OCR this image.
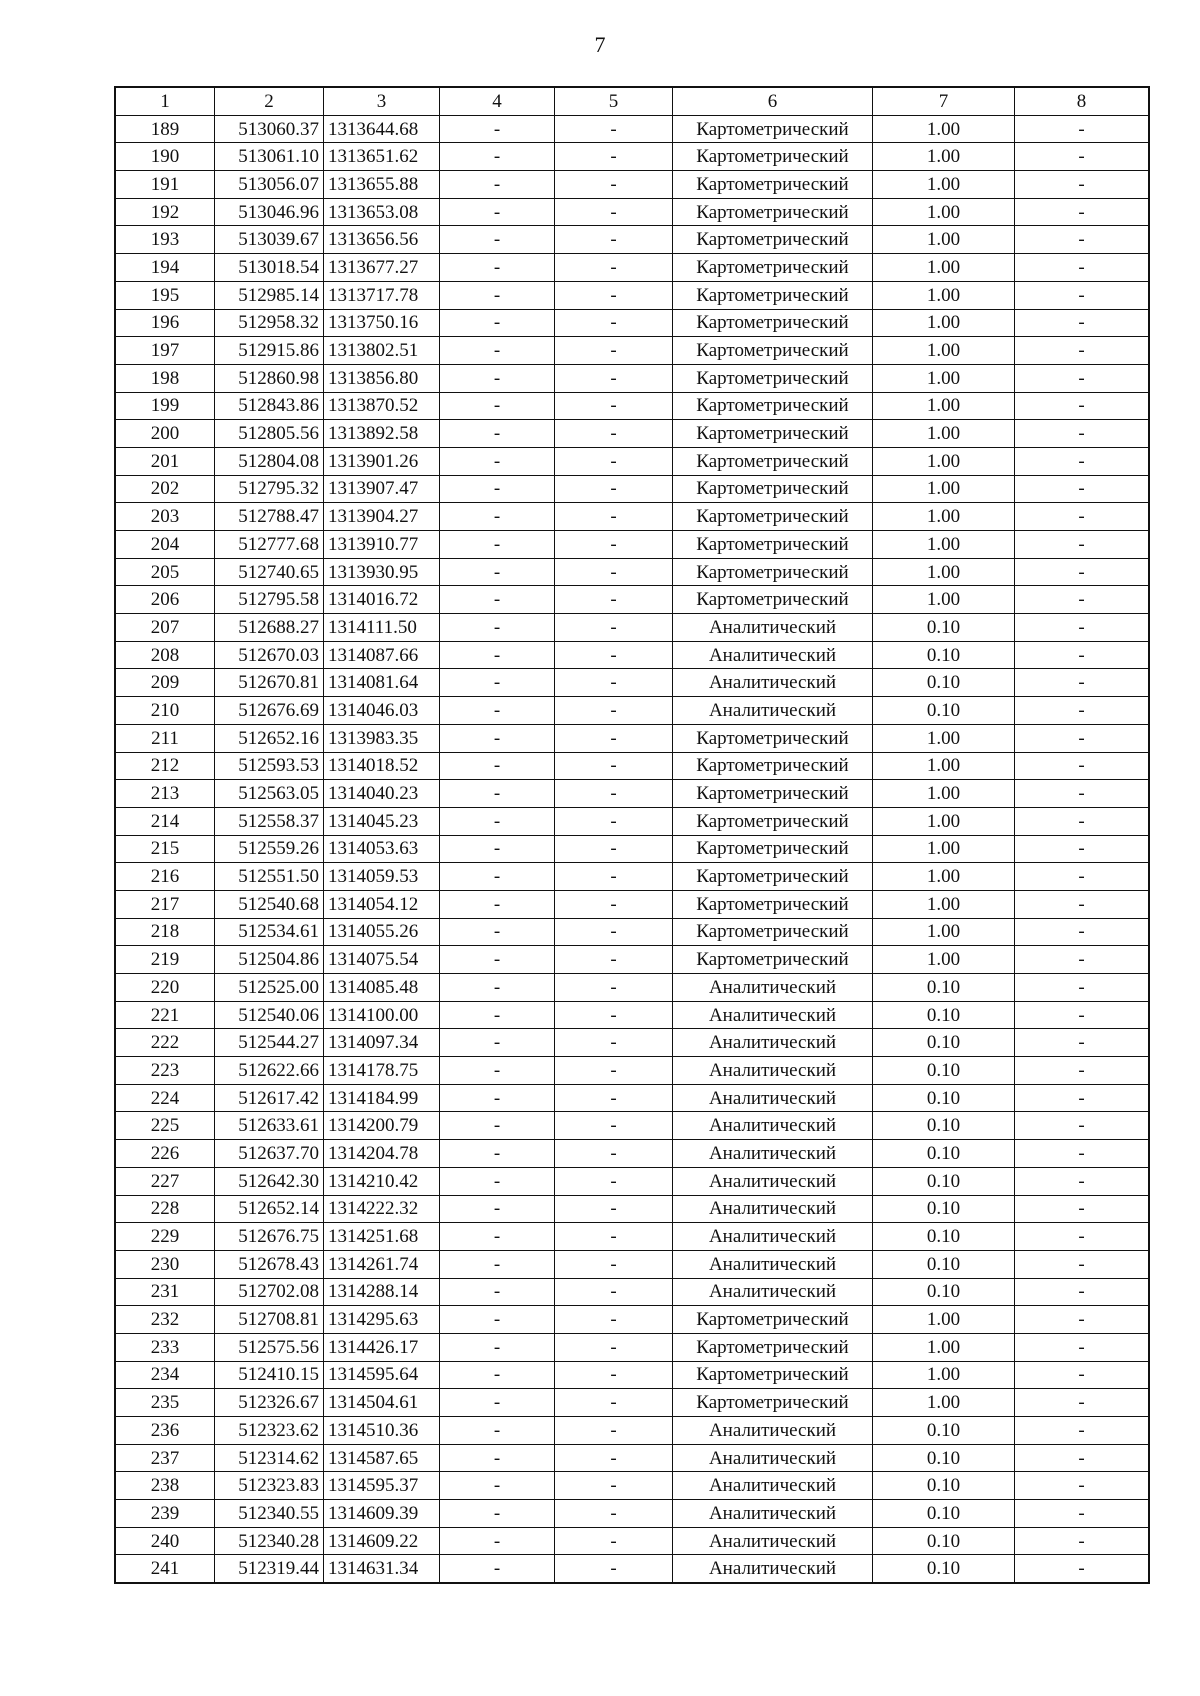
7
1	2	3	4	5	6	7	8
189	513060.37	1313644.68	-	-	Картометрический	1.00	-
190	513061.10	1313651.62	-	-	Картометрический	1.00	-
191	513056.07	1313655.88	-	-	Картометрический	1.00	-
192	513046.96	1313653.08	-	-	Картометрический	1.00	-
193	513039.67	1313656.56	-	-	Картометрический	1.00	-
194	513018.54	1313677.27	-	-	Картометрический	1.00	-
195	512985.14	1313717.78	-	-	Картометрический	1.00	-
196	512958.32	1313750.16	-	-	Картометрический	1.00	-
197	512915.86	1313802.51	-	-	Картометрический	1.00	-
198	512860.98	1313856.80	-	-	Картометрический	1.00	-
199	512843.86	1313870.52	-	-	Картометрический	1.00	-
200	512805.56	1313892.58	-	-	Картометрический	1.00	-
201	512804.08	1313901.26	-	-	Картометрический	1.00	-
202	512795.32	1313907.47	-	-	Картометрический	1.00	-
203	512788.47	1313904.27	-	-	Картометрический	1.00	-
204	512777.68	1313910.77	-	-	Картометрический	1.00	-
205	512740.65	1313930.95	-	-	Картометрический	1.00	-
206	512795.58	1314016.72	-	-	Картометрический	1.00	-
207	512688.27	1314111.50	-	-	Аналитический	0.10	-
208	512670.03	1314087.66	-	-	Аналитический	0.10	-
209	512670.81	1314081.64	-	-	Аналитический	0.10	-
210	512676.69	1314046.03	-	-	Аналитический	0.10	-
211	512652.16	1313983.35	-	-	Картометрический	1.00	-
212	512593.53	1314018.52	-	-	Картометрический	1.00	-
213	512563.05	1314040.23	-	-	Картометрический	1.00	-
214	512558.37	1314045.23	-	-	Картометрический	1.00	-
215	512559.26	1314053.63	-	-	Картометрический	1.00	-
216	512551.50	1314059.53	-	-	Картометрический	1.00	-
217	512540.68	1314054.12	-	-	Картометрический	1.00	-
218	512534.61	1314055.26	-	-	Картометрический	1.00	-
219	512504.86	1314075.54	-	-	Картометрический	1.00	-
220	512525.00	1314085.48	-	-	Аналитический	0.10	-
221	512540.06	1314100.00	-	-	Аналитический	0.10	-
222	512544.27	1314097.34	-	-	Аналитический	0.10	-
223	512622.66	1314178.75	-	-	Аналитический	0.10	-
224	512617.42	1314184.99	-	-	Аналитический	0.10	-
225	512633.61	1314200.79	-	-	Аналитический	0.10	-
226	512637.70	1314204.78	-	-	Аналитический	0.10	-
227	512642.30	1314210.42	-	-	Аналитический	0.10	-
228	512652.14	1314222.32	-	-	Аналитический	0.10	-
229	512676.75	1314251.68	-	-	Аналитический	0.10	-
230	512678.43	1314261.74	-	-	Аналитический	0.10	-
231	512702.08	1314288.14	-	-	Аналитический	0.10	-
232	512708.81	1314295.63	-	-	Картометрический	1.00	-
233	512575.56	1314426.17	-	-	Картометрический	1.00	-
234	512410.15	1314595.64	-	-	Картометрический	1.00	-
235	512326.67	1314504.61	-	-	Картометрический	1.00	-
236	512323.62	1314510.36	-	-	Аналитический	0.10	-
237	512314.62	1314587.65	-	-	Аналитический	0.10	-
238	512323.83	1314595.37	-	-	Аналитический	0.10	-
239	512340.55	1314609.39	-	-	Аналитический	0.10	-
240	512340.28	1314609.22	-	-	Аналитический	0.10	-
241	512319.44	1314631.34	-	-	Аналитический	0.10	-
